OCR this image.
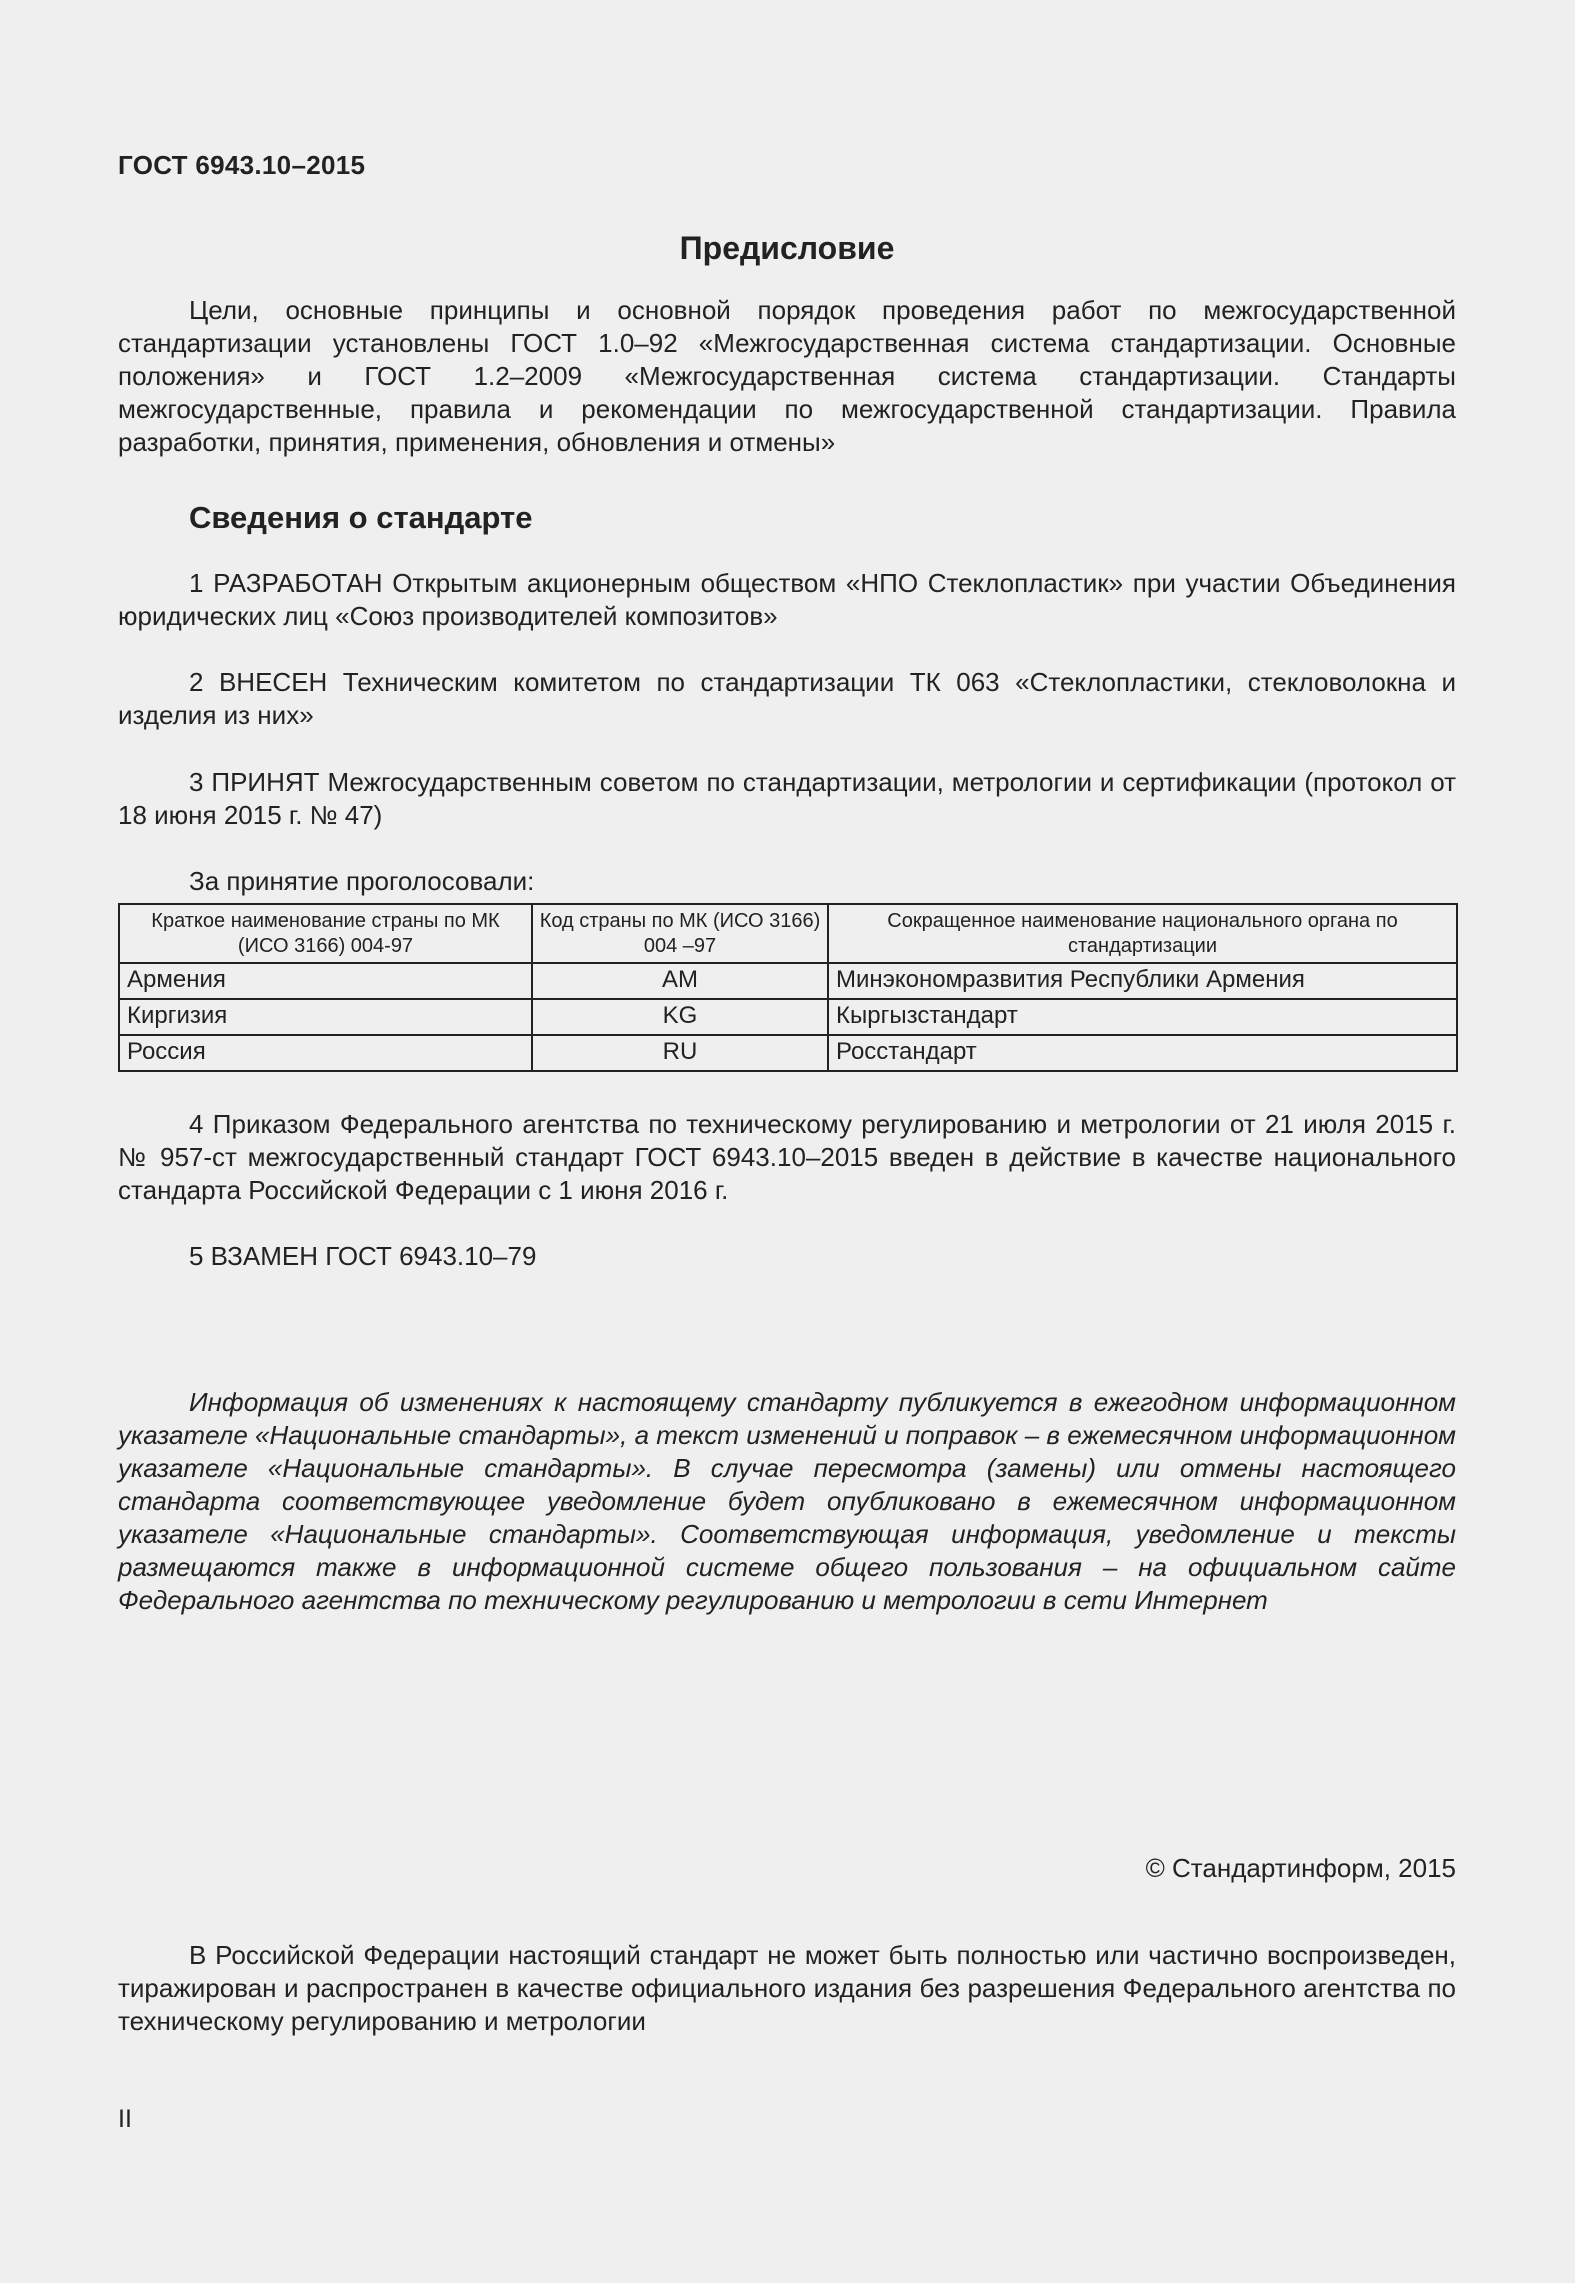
ГОСТ 6943.10–2015
Предисловие

Цели, основные принципы и основной порядок проведения работ по межгосударственной стандартизации установлены ГОСТ 1.0–92 «Межгосударственная система стандартизации. Основные положения» и ГОСТ 1.2–2009 «Межгосударственная система стандартизации. Стандарты межгосударственные, правила и рекомендации по межгосударственной стандартизации. Правила разработки, принятия, применения, обновления и отмены»

Сведения о стандарте

1 РАЗРАБОТАН Открытым акционерным обществом «НПО Стеклопластик» при участии Объединения юридических лиц «Союз производителей композитов»

2 ВНЕСЕН Техническим комитетом по стандартизации ТК 063 «Стеклопластики, стекловолокна и изделия из них»

3 ПРИНЯТ Межгосударственным советом по стандартизации, метрологии и сертификации (протокол от 18 июня 2015 г. № 47)

За принятие проголосовали:
Краткое наименование страны по МК (ИСО 3166) 004-97	Код страны по МК (ИСО 3166) 004 –97	Сокращенное наименование национального органа по стандартизации
Армения	AM	Минэкономразвития Республики Армения
Киргизия	KG	Кыргызстандарт
Россия	RU	Росстандарт

4 Приказом Федерального агентства по техническому регулированию и метрологии от 21 июля 2015 г. № 957-ст межгосударственный стандарт ГОСТ 6943.10–2015 введен в действие в качестве национального стандарта Российской Федерации с 1 июня 2016 г.

5 ВЗАМЕН ГОСТ 6943.10–79

Информация об изменениях к настоящему стандарту публикуется в ежегодном информационном указателе «Национальные стандарты», а текст изменений и поправок – в ежемесячном информационном указателе «Национальные стандарты». В случае пересмотра (замены) или отмены настоящего стандарта соответствующее уведомление будет опубликовано в ежемесячном информационном указателе «Национальные стандарты». Соответствующая информация, уведомление и тексты размещаются также в информационной системе общего пользования – на официальном сайте Федерального агентства по техническому регулированию и метрологии в сети Интернет

© Стандартинформ, 2015

В Российской Федерации настоящий стандарт не может быть полностью или частично воспроизведен, тиражирован и распространен в качестве официального издания без разрешения Федерального агентства по техническому регулированию и метрологии

II
